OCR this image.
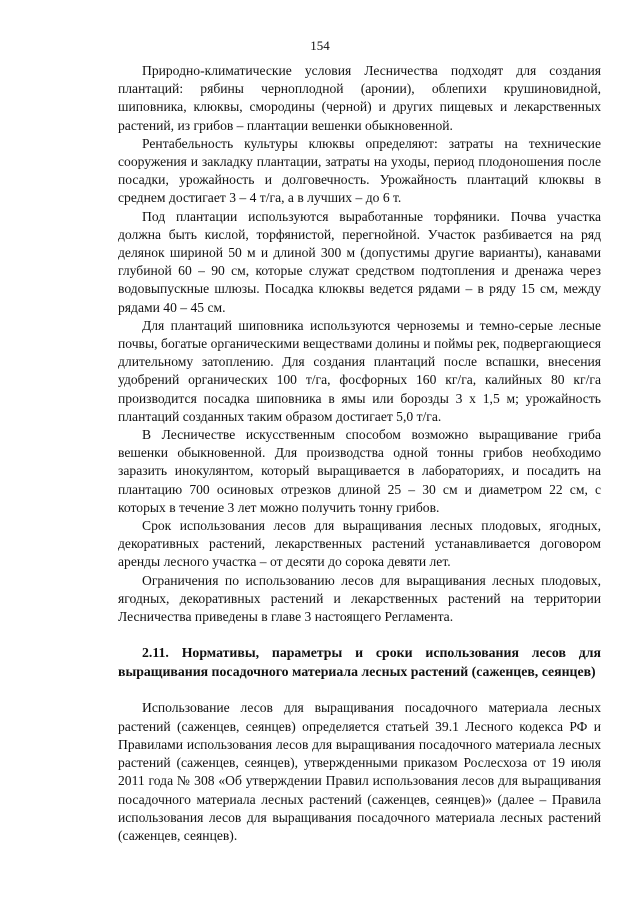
154

Природно-климатические условия Лесничества подходят для создания плантаций: рябины черноплодной (аронии), облепихи крушиновидной, шиповника, клюквы, смородины (черной) и других пищевых и лекарственных растений, из грибов – плантации вешенки обыкновенной.

Рентабельность культуры клюквы определяют: затраты на технические сооружения и закладку плантации, затраты на уходы, период плодоношения после посадки, урожайность и долговечность. Урожайность плантаций клюквы в среднем достигает 3 – 4 т/га, а в лучших – до 6 т.

Под плантации используются выработанные торфяники. Почва участка должна быть кислой, торфянистой, перегнойной. Участок разбивается на ряд делянок шириной 50 м и длиной 300 м (допустимы другие варианты), канавами глубиной 60 – 90 см, которые служат средством подтопления и дренажа через водовыпускные шлюзы. Посадка клюквы ведется рядами – в ряду 15 см, между рядами 40 – 45 см.

Для плантаций шиповника используются черноземы и темно-серые лесные почвы, богатые органическими веществами долины и поймы рек, подвергающиеся длительному затоплению. Для создания плантаций после вспашки, внесения удобрений органических 100 т/га, фосфорных 160 кг/га, калийных 80 кг/га производится посадка шиповника в ямы или борозды 3 х 1,5 м; урожайность плантаций созданных таким образом достигает 5,0 т/га.

В Лесничестве искусственным способом возможно выращивание гриба вешенки обыкновенной. Для производства одной тонны грибов необходимо заразить инокулянтом, который выращивается в лабораториях, и посадить на плантацию 700 осиновых отрезков длиной 25 – 30 см и диаметром 22 см, с которых в течение 3 лет можно получить тонну грибов.

Срок использования лесов для выращивания лесных плодовых, ягодных, декоративных растений, лекарственных растений устанавливается договором аренды лесного участка – от десяти до сорока девяти лет.

Ограничения по использованию лесов для выращивания лесных плодовых, ягодных, декоративных растений и лекарственных растений на территории Лесничества приведены в главе 3 настоящего Регламента.

2.11. Нормативы, параметры и сроки использования лесов для выращивания посадочного материала лесных растений (саженцев, сеянцев)

Использование лесов для выращивания посадочного материала лесных растений (саженцев, сеянцев) определяется статьей 39.1 Лесного кодекса РФ и Правилами использования лесов для выращивания посадочного материала лесных растений (саженцев, сеянцев), утвержденными приказом Рослесхоза от 19 июля 2011 года № 308 «Об утверждении Правил использования лесов для выращивания посадочного материала лесных растений (саженцев, сеянцев)» (далее – Правила использования лесов для выращивания посадочного материала лесных растений (саженцев, сеянцев).
